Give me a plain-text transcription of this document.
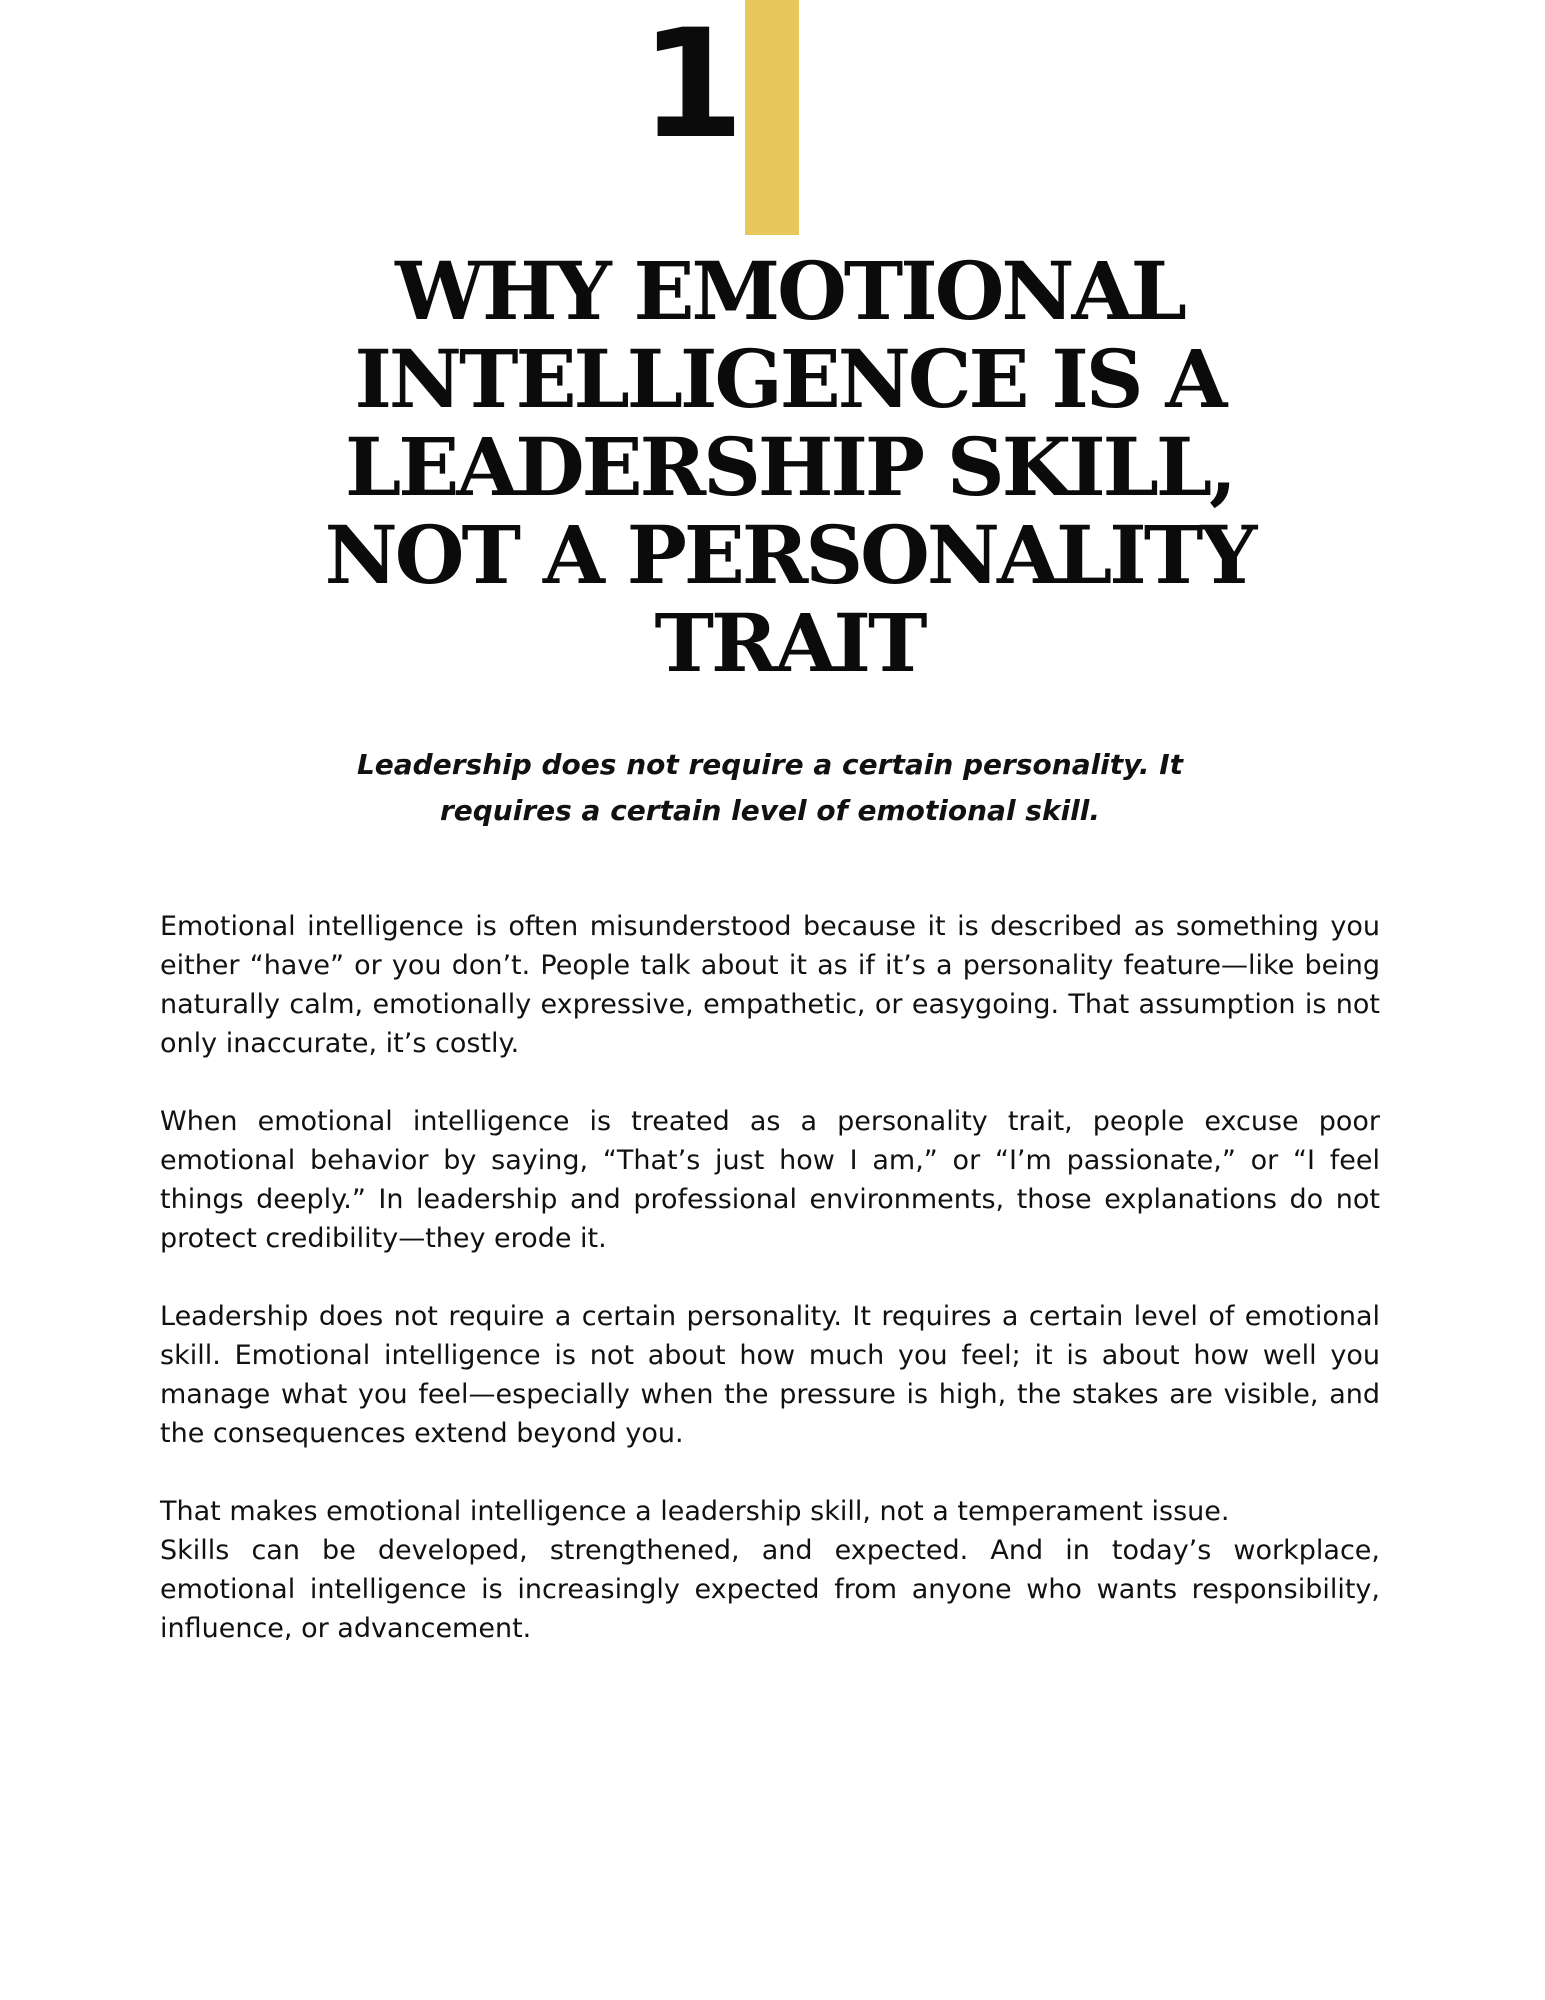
1
WHY EMOTIONAL INTELLIGENCE IS A LEADERSHIP SKILL, NOT A PERSONALITY TRAIT

Leadership does not require a certain personality. It requires a certain level of emotional skill.

Emotional intelligence is often misunderstood because it is described as something you either “have” or you don’t. People talk about it as if it’s a personality feature—like being naturally calm, emotionally expressive, empathetic, or easygoing. That assumption is not only inaccurate, it’s costly.

When emotional intelligence is treated as a personality trait, people excuse poor emotional behavior by saying, “That’s just how I am,” or “I’m passionate,” or “I feel things deeply.” In leadership and professional environments, those explanations do not protect credibility—they erode it.

Leadership does not require a certain personality. It requires a certain level of emotional skill. Emotional intelligence is not about how much you feel; it is about how well you manage what you feel—especially when the pressure is high, the stakes are visible, and the consequences extend beyond you.

That makes emotional intelligence a leadership skill, not a temperament issue.

Skills can be developed, strengthened, and expected. And in today’s workplace, emotional intelligence is increasingly expected from anyone who wants responsibility, influence, or advancement.
